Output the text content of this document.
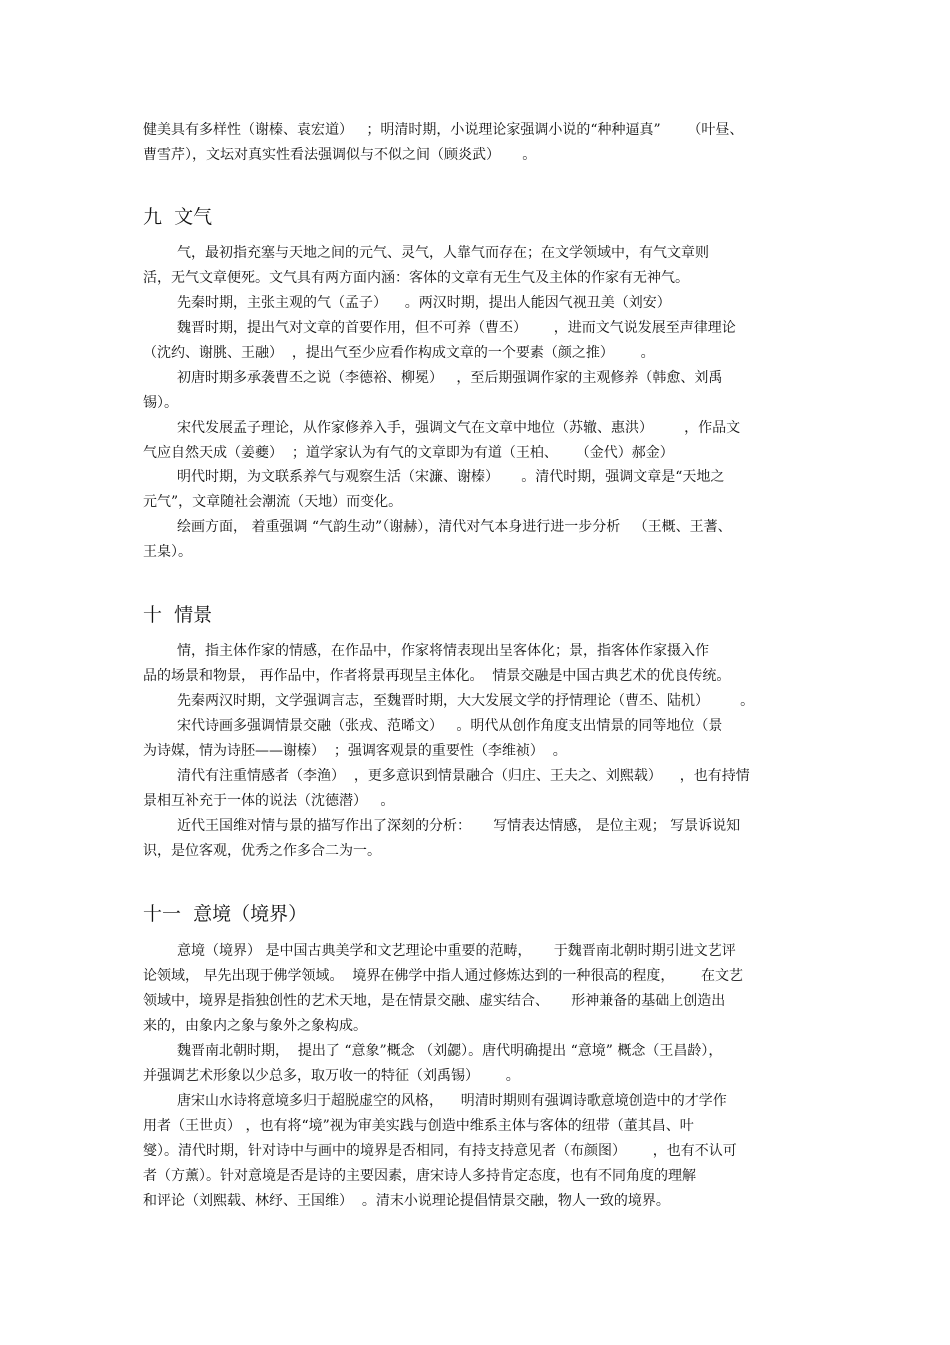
健美具有多样性（谢榛、袁宏道）   ；明清时期，小说理论家强调小说的“种种逼真”      （叶昼、
曹雪芹），文坛对真实性看法强调似与不似之间（顾炎武）     。
九  文气
气，最初指充塞与天地之间的元气、灵气，人靠气而存在；在文学领域中，有气文章则
活，无气文章便死。文气具有两方面内涵：客体的文章有无生气及主体的作家有无神气。
先秦时期，主张主观的气（孟子）    。两汉时期，提出人能因气视丑美（刘安）
魏晋时期，提出气对文章的首要作用，但不可养（曹丕）      ，进而文气说发展至声律理论
（沈约、谢朓、王融）  ，提出气至少应看作构成文章的一个要素（颜之推）      。
初唐时期多承袭曹丕之说（李德裕、柳冕）   ，至后期强调作家的主观修养（韩愈、刘禹
锡）。
宋代发展孟子理论，从作家修养入手，强调文气在文章中地位（苏辙、惠洪）       ，作品文
气应自然天成（姜夔）  ；道学家认为有气的文章即为有道（王柏、    （金代）郝金）
明代时期，为文联系养气与观察生活（宋濂、谢榛）     。清代时期，强调文章是“天地之
元气”，文章随社会潮流（天地）而变化。
绘画方面， 着重强调 “气韵生动”（谢赫），清代对气本身进行进一步分析   （王概、王蓍、
王臬）。
十  情景
情，指主体作家的情感，在作品中，作家将情表现出呈客体化；景，指客体作家摄入作
品的场景和物景， 再作品中，作者将景再现呈主体化。  情景交融是中国古典艺术的优良传统。
先秦两汉时期，文学强调言志，至魏晋时期，大大发展文学的抒情理论（曹丕、陆机）       。
宋代诗画多强调情景交融（张戎、范晞文）   。明代从创作角度支出情景的同等地位（景
为诗媒，情为诗胚——谢榛）  ；强调客观景的重要性（李维祯）  。
清代有注重情感者（李渔）  ，更多意识到情景融合（归庄、王夫之、刘熙载）    ，也有持情
景相互补充于一体的说法（沈德潜）   。
近代王国维对情与景的描写作出了深刻的分析：     写情表达情感， 是位主观； 写景诉说知
识，是位客观，优秀之作多合二为一。
十一  意境（境界）
意境（境界） 是中国古典美学和文艺理论中重要的范畴，     于魏晋南北朝时期引进文艺评
论领域， 早先出现于佛学领域。  境界在佛学中指人通过修炼达到的一种很高的程度，      在文艺
领域中，境界是指独创性的艺术天地，是在情景交融、虚实结合、     形神兼备的基础上创造出
来的，由象内之象与象外之象构成。
魏晋南北朝时期，  提出了 “意象”概念 （刘勰）。唐代明确提出 “意境” 概念（王昌龄），
并强调艺术形象以少总多，取万收一的特征（刘禹锡）      。
唐宋山水诗将意境多归于超脱虚空的风格，    明清时期则有强调诗歌意境创造中的才学作
用者（王世贞） ，也有将“境”视为审美实践与创造中维系主体与客体的纽带（董其昌、叶
燮）。清代时期，针对诗中与画中的境界是否相同，有持支持意见者（布颜图）      ，也有不认可
者（方薰）。针对意境是否是诗的主要因素，唐宋诗人多持肯定态度，也有不同角度的理解
和评论（刘熙载、林纾、王国维）  。清末小说理论提倡情景交融，物人一致的境界。
